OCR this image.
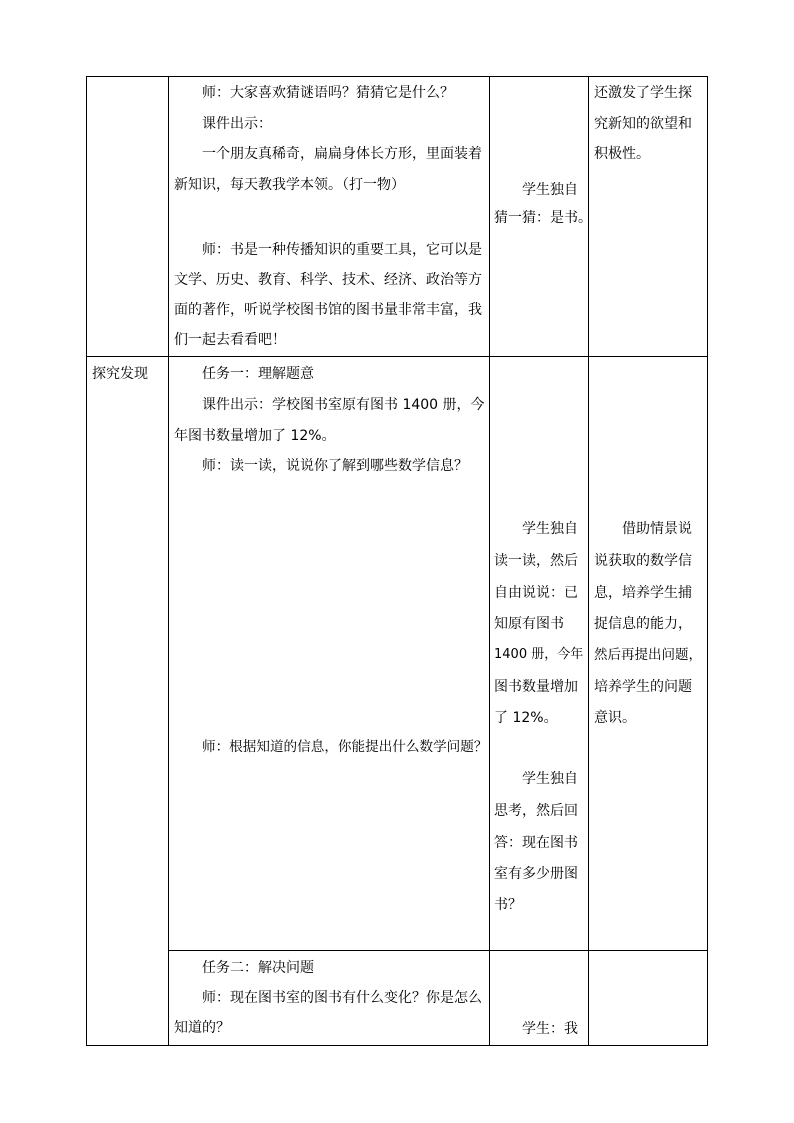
师：大家喜欢猜谜语吗？猜猜它是什么？
课件出示：
一个朋友真稀奇，扁扁身体长方形，里面装着
新知识，每天教我学本领。（打一物）
师：书是一种传播知识的重要工具，它可以是
文学、历史、教育、科学、技术、经济、政治等方
面的著作，听说学校图书馆的图书量非常丰富，我
们一起去看看吧！
学生独自
猜一猜：是书。
还激发了学生探
究新知的欲望和
积极性。
探究发现	任务一：理解题意
课件出示：学校图书室原有图书 1400 册，今
年图书数量增加了 12%。
师：读一读，说说你了解到哪些数学信息？
师：根据知道的信息，你能提出什么数学问题？
学生独自
读一读，然后
自由说说：已
知原有图书
1400 册，今年
图书数量增加
了 12%。
学生独自
思考，然后回
答：现在图书
室有多少册图
书？
借助情景说
说获取的数学信
息，培养学生捕
捉信息的能力，
然后再提出问题，
培养学生的问题
意识。
任务二：解决问题
师：现在图书室的图书有什么变化？你是怎么
知道的？	学生：我
